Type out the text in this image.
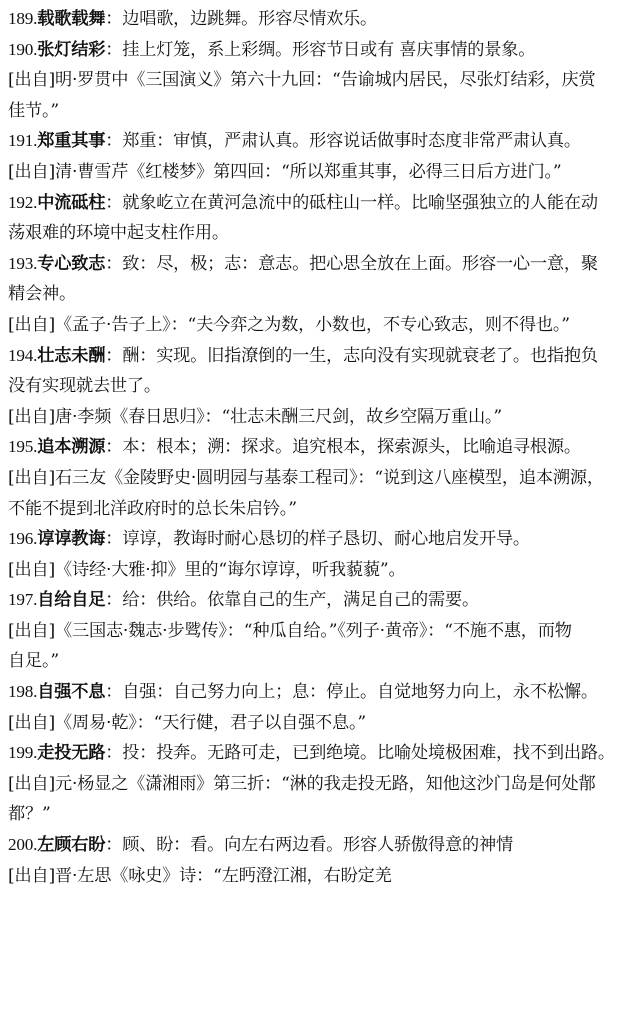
189.载歌载舞：边唱歌，边跳舞。形容尽情欢乐。
190.张灯结彩：挂上灯笼，系上彩绸。形容节日或有 喜庆事情的景象。
[出自]明·罗贯中《三国演义》第六十九回：“告谕城内居民，尽张灯结彩，庆赏
佳节。”
191.郑重其事：郑重：审慎，严肃认真。形容说话做事时态度非常严肃认真。
[出自]清·曹雪芹《红楼梦》第四回：“所以郑重其事，必得三日后方进门。”
192.中流砥柱：就象屹立在黄河急流中的砥柱山一样。比喻坚强独立的人能在动
荡艰难的环境中起支柱作用。
193.专心致志：致：尽，极；志：意志。把心思全放在上面。形容一心一意，聚
精会神。
[出自]《孟子·告子上》：“夫今弈之为数，小数也，不专心致志，则不得也。”
194.壮志未酬：酬：实现。旧指潦倒的一生，志向没有实现就衰老了。也指抱负
没有实现就去世了。
[出自]唐·李频《春日思归》：“壮志未酬三尺剑，故乡空隔万重山。”
195.追本溯源：本：根本；溯：探求。追究根本，探索源头，比喻追寻根源。
[出自]石三友《金陵野史·圆明园与基泰工程司》：“说到这八座模型，追本溯源，
不能不提到北洋政府时的总长朱启钤。”
196.谆谆教诲：谆谆，教诲时耐心恳切的样子恳切、耐心地启发开导。
[出自]《诗经·大雅·抑》里的“诲尔谆谆，听我藐藐”。
197.自给自足：给：供给。依靠自己的生产，满足自己的需要。
[出自]《三国志·魏志·步骘传》：“种瓜自给。”《列子·黄帝》：“不施不惠，而物
自足。”
198.自强不息：自强：自己努力向上；息：停止。自觉地努力向上，永不松懈。
[出自]《周易·乾》：“天行健，君子以自强不息。”
199.走投无路：投：投奔。无路可走，已到绝境。比喻处境极困难，找不到出路。
[出自]元·杨显之《潇湘雨》第三折：“淋的我走投无路，知他这沙门岛是何处鄁
都？”
200.左顾右盼：顾、盼：看。向左右两边看。形容人骄傲得意的神情
[出自]晋·左思《咏史》诗：“左眄澄江湘，右盼定羌
